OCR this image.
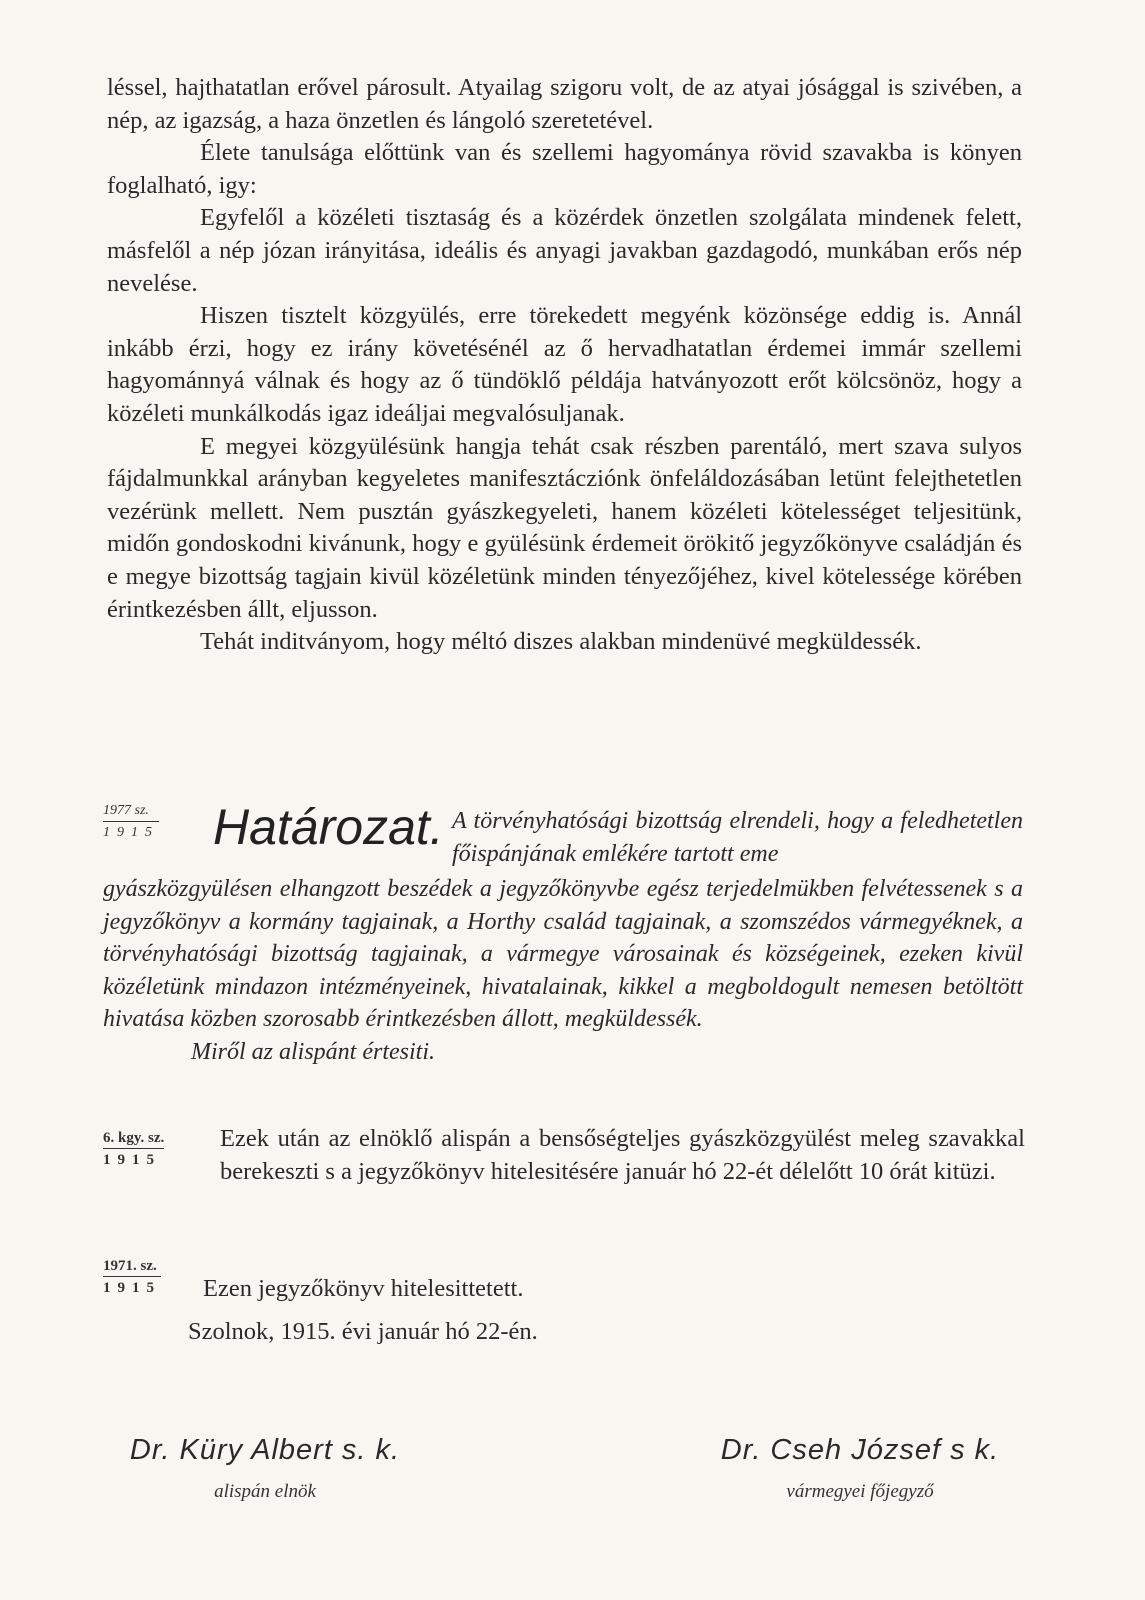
léssel, hajthatatlan erővel párosult. Atyailag szigoru volt, de az atyai jósággal is szivében, a nép, az igazság, a haza önzetlen és lángoló szeretetével.

Élete tanulsága előttünk van és szellemi hagyománya rövid szavakba is könyen foglalható, igy:

Egyfelől a közéleti tisztaság és a közérdek önzetlen szolgálata mindenek felett, másfelől a nép józan irányitása, ideális és anyagi javakban gazdagodó, munkában erős nép nevelése.

Hiszen tisztelt közgyülés, erre törekedett megyénk közönsége eddig is. Annál inkább érzi, hogy ez irány követésénél az ő hervadhatatlan érdemei immár szellemi hagyománnyá válnak és hogy az ő tündöklő példája hatványozott erőt kölcsönöz, hogy a közéleti munkálkodás igaz ideáljai megvalósuljanak.

E megyei közgyülésünk hangja tehát csak részben parentáló, mert szava sulyos fájdalmunkkal arányban kegyeletes manifesztácziónk önfeláldozásában letünt felejthetetlen vezérünk mellett. Nem pusztán gyászkegyeleti, hanem közéleti kötelességet teljesitünk, midőn gondoskodni kivánunk, hogy e gyülésünk érdemeit örökitő jegyzőkönyve családján és e megye bizottság tagjain kivül közéletünk minden tényezőjéhez, kivel kötelessége körében érintkezésben állt, eljusson.

Tehát inditványom, hogy méltó diszes alakban mindenüvé megküldessék.

1977 sz.
1915 Határozat. A törvényhatósági bizottság elrendeli, hogy a feledhetetlen főispánjának emlékére tartott eme
gyászközgyülésen elhangzott beszédek a jegyzőkönyvbe egész terjedelmükben felvétessenek s a jegyzőkönyv a kormány tagjainak, a Horthy család tagjainak, a szomszédos vármegyéknek, a törvényhatósági bizottság tagjainak, a vármegye városainak és községeinek, ezeken kivül közéletünk mindazon intézményeinek, hivatalainak, kikkel a megboldogult nemesen betöltött hivatása közben szorosabb érintkezésben állott, megküldessék.
Miről az alispánt értesiti.
6. kgy. sz.
1915
Ezek után az elnöklő alispán a bensőségteljes gyászközgyülést meleg szavakkal berekeszti s a jegyzőkönyv hitelesitésére január hó 22-ét délelőtt 10 órát kitüzi.
1971. sz.
1915 Ezen jegyzőkönyv hitelesittetett.
Szolnok, 1915. évi január hó 22-én.
Dr. Küry Albert s. k.
alispán elnök
Dr. Cseh József s k.
vármegyei főjegyző
